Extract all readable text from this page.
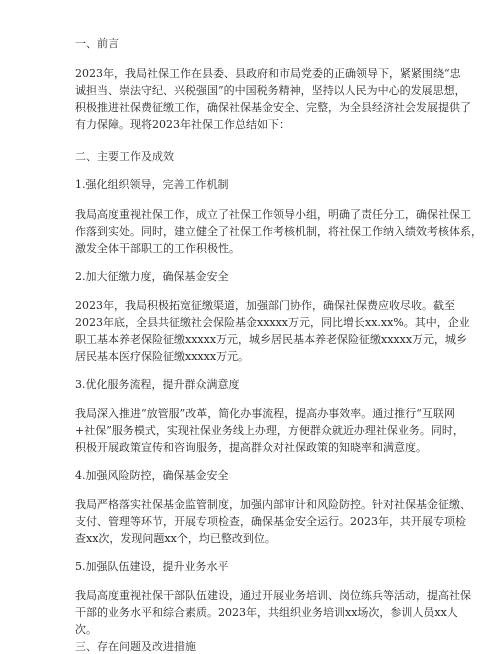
一、前言
2023年，我局社保工作在县委、县政府和市局党委的正确领导下，紧紧围绕“忠
诚担当、崇法守纪、兴税强国”的中国税务精神，坚持以人民为中心的发展思想，
积极推进社保费征缴工作，确保社保基金安全、完整，为全县经济社会发展提供了
有力保障。现将2023年社保工作总结如下：
二、主要工作及成效
1.强化组织领导，完善工作机制
我局高度重视社保工作，成立了社保工作领导小组，明确了责任分工，确保社保工
作落到实处。同时，建立健全了社保工作考核机制，将社保工作纳入绩效考核体系，
激发全体干部职工的工作积极性。
2.加大征缴力度，确保基金安全
2023年，我局积极拓宽征缴渠道，加强部门协作，确保社保费应收尽收。截至
2023年底，全县共征缴社会保险基金xxxxx万元，同比增长xx.xx%。其中，企业
职工基本养老保险征缴xxxxx万元，城乡居民基本养老保险征缴xxxxx万元，城乡
居民基本医疗保险征缴xxxxx万元。
3.优化服务流程，提升群众满意度
我局深入推进“放管服”改革，简化办事流程，提高办事效率。通过推行“互联网
+社保”服务模式，实现社保业务线上办理，方便群众就近办理社保业务。同时，
积极开展政策宣传和咨询服务，提高群众对社保政策的知晓率和满意度。
4.加强风险防控，确保基金安全
我局严格落实社保基金监管制度，加强内部审计和风险防控。针对社保基金征缴、
支付、管理等环节，开展专项检查，确保基金安全运行。2023年，共开展专项检
查xx次，发现问题xx个，均已整改到位。
5.加强队伍建设，提升业务水平
我局高度重视社保干部队伍建设，通过开展业务培训、岗位练兵等活动，提高社保
干部的业务水平和综合素质。2023年，共组织业务培训xx场次，参训人员xx人
次。
三、存在问题及改进措施
